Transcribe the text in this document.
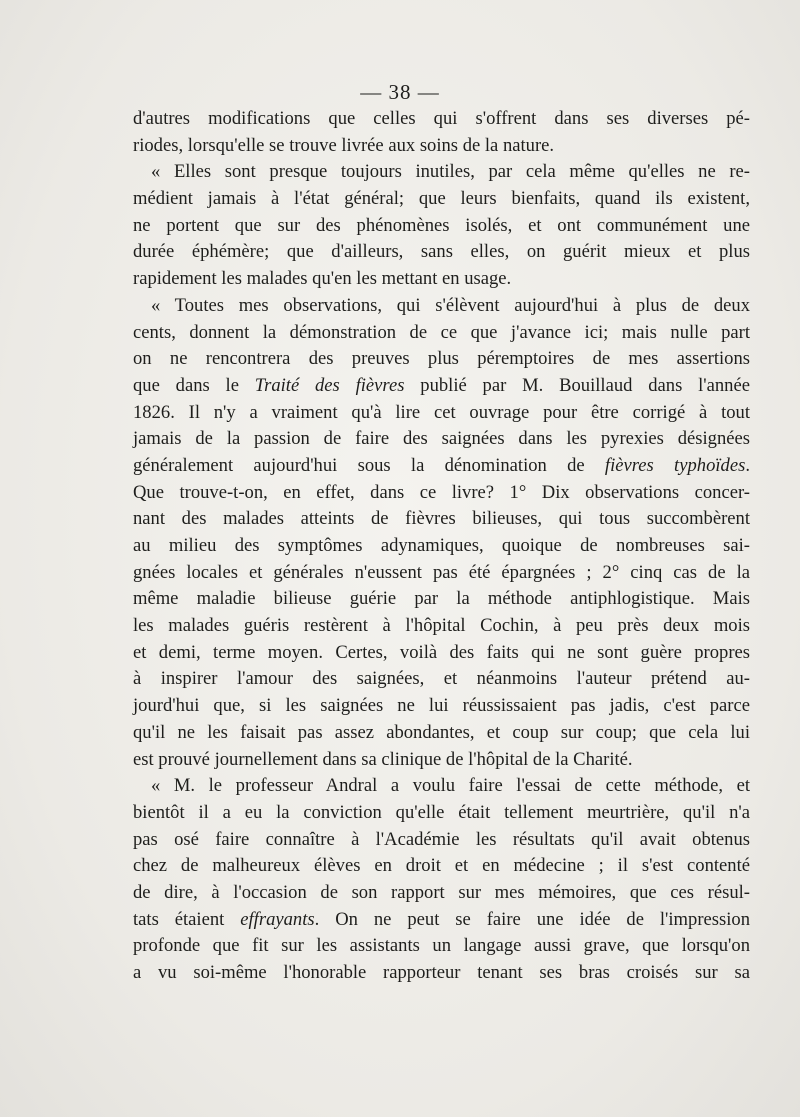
— 38 —
d'autres modifications que celles qui s'offrent dans ses diverses pé-
riodes, lorsqu'elle se trouve livrée aux soins de la nature.
« Elles sont presque toujours inutiles, par cela même qu'elles ne re-
médient jamais à l'état général; que leurs bienfaits, quand ils existent,
ne portent que sur des phénomènes isolés, et ont communément une
durée éphémère; que d'ailleurs, sans elles, on guérit mieux et plus
rapidement les malades qu'en les mettant en usage.
« Toutes mes observations, qui s'élèvent aujourd'hui à plus de deux
cents, donnent la démonstration de ce que j'avance ici; mais nulle part
on ne rencontrera des preuves plus péremptoires de mes assertions
que dans le Traité des fièvres publié par M. Bouillaud dans l'année
1826. Il n'y a vraiment qu'à lire cet ouvrage pour être corrigé à tout
jamais de la passion de faire des saignées dans les pyrexies désignées
généralement aujourd'hui sous la dénomination de fièvres typhoïdes.
Que trouve-t-on, en effet, dans ce livre? 1° Dix observations concer-
nant des malades atteints de fièvres bilieuses, qui tous succombèrent
au milieu des symptômes adynamiques, quoique de nombreuses sai-
gnées locales et générales n'eussent pas été épargnées ; 2° cinq cas de la
même maladie bilieuse guérie par la méthode antiphlogistique. Mais
les malades guéris restèrent à l'hôpital Cochin, à peu près deux mois
et demi, terme moyen. Certes, voilà des faits qui ne sont guère propres
à inspirer l'amour des saignées, et néanmoins l'auteur prétend au-
jourd'hui que, si les saignées ne lui réussissaient pas jadis, c'est parce
qu'il ne les faisait pas assez abondantes, et coup sur coup; que cela lui
est prouvé journellement dans sa clinique de l'hôpital de la Charité.
« M. le professeur Andral a voulu faire l'essai de cette méthode, et
bientôt il a eu la conviction qu'elle était tellement meurtrière, qu'il n'a
pas osé faire connaître à l'Académie les résultats qu'il avait obtenus
chez de malheureux élèves en droit et en médecine ; il s'est contenté
de dire, à l'occasion de son rapport sur mes mémoires, que ces résul-
tats étaient effrayants. On ne peut se faire une idée de l'impression
profonde que fit sur les assistants un langage aussi grave, que lorsqu'on
a vu soi-même l'honorable rapporteur tenant ses bras croisés sur sa
